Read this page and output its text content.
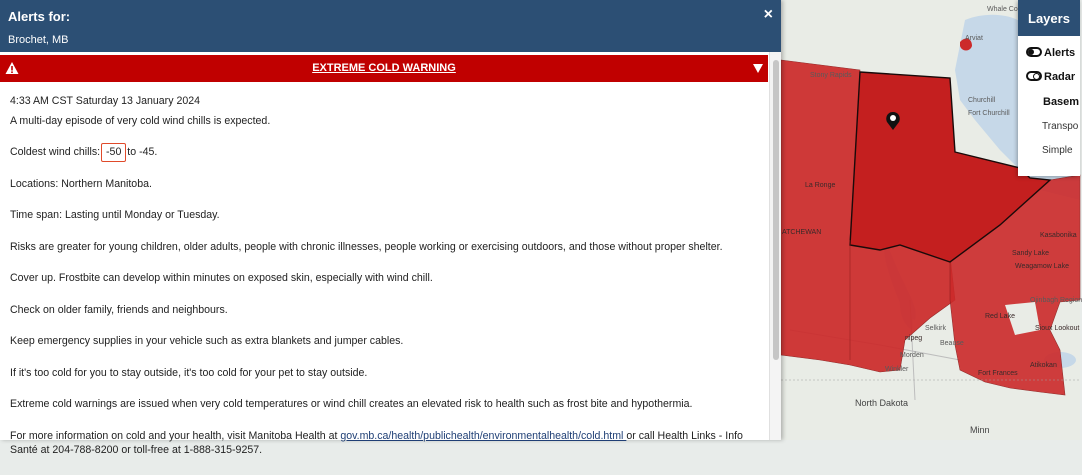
Whale Co
Arviat
Stony Rapids
Churchill
Fort Churchill
La Ronge
ATCHEWAN	Kasabonika
Sandy Lake
Weagamow Lake
Ojinbagh Region
Red Lake
Sioux Lookout
nipeg
Selkirk
Beause
Morden
Winkler
Fort Frances
Atikokan
North Dakota
Minn
Alerts for:
Brochet, MB
×
EXTREME COLD WARNING

4:33 AM CST Saturday 13 January 2024

A multi-day episode of very cold wind chills is expected.

Coldest wind chills: -50 to -45.

Locations: Northern Manitoba.

Time span: Lasting until Monday or Tuesday.

Risks are greater for young children, older adults, people with chronic illnesses, people working or exercising outdoors, and those without proper shelter.

Cover up. Frostbite can develop within minutes on exposed skin, especially with wind chill.

Check on older family, friends and neighbours.

Keep emergency supplies in your vehicle such as extra blankets and jumper cables.

If it's too cold for you to stay outside, it's too cold for your pet to stay outside.

Extreme cold warnings are issued when very cold temperatures or wind chill creates an elevated risk to health such as frost bite and hypothermia.

For more information on cold and your health, visit Manitoba Health at gov.mb.ca/health/publichealth/environmentalhealth/cold.html or call Health Links - Info Santé at 204-788-8200 or toll-free at 1-888-315-9257.

Layers
Alerts
Radar
Basem
Transpo
Simple
